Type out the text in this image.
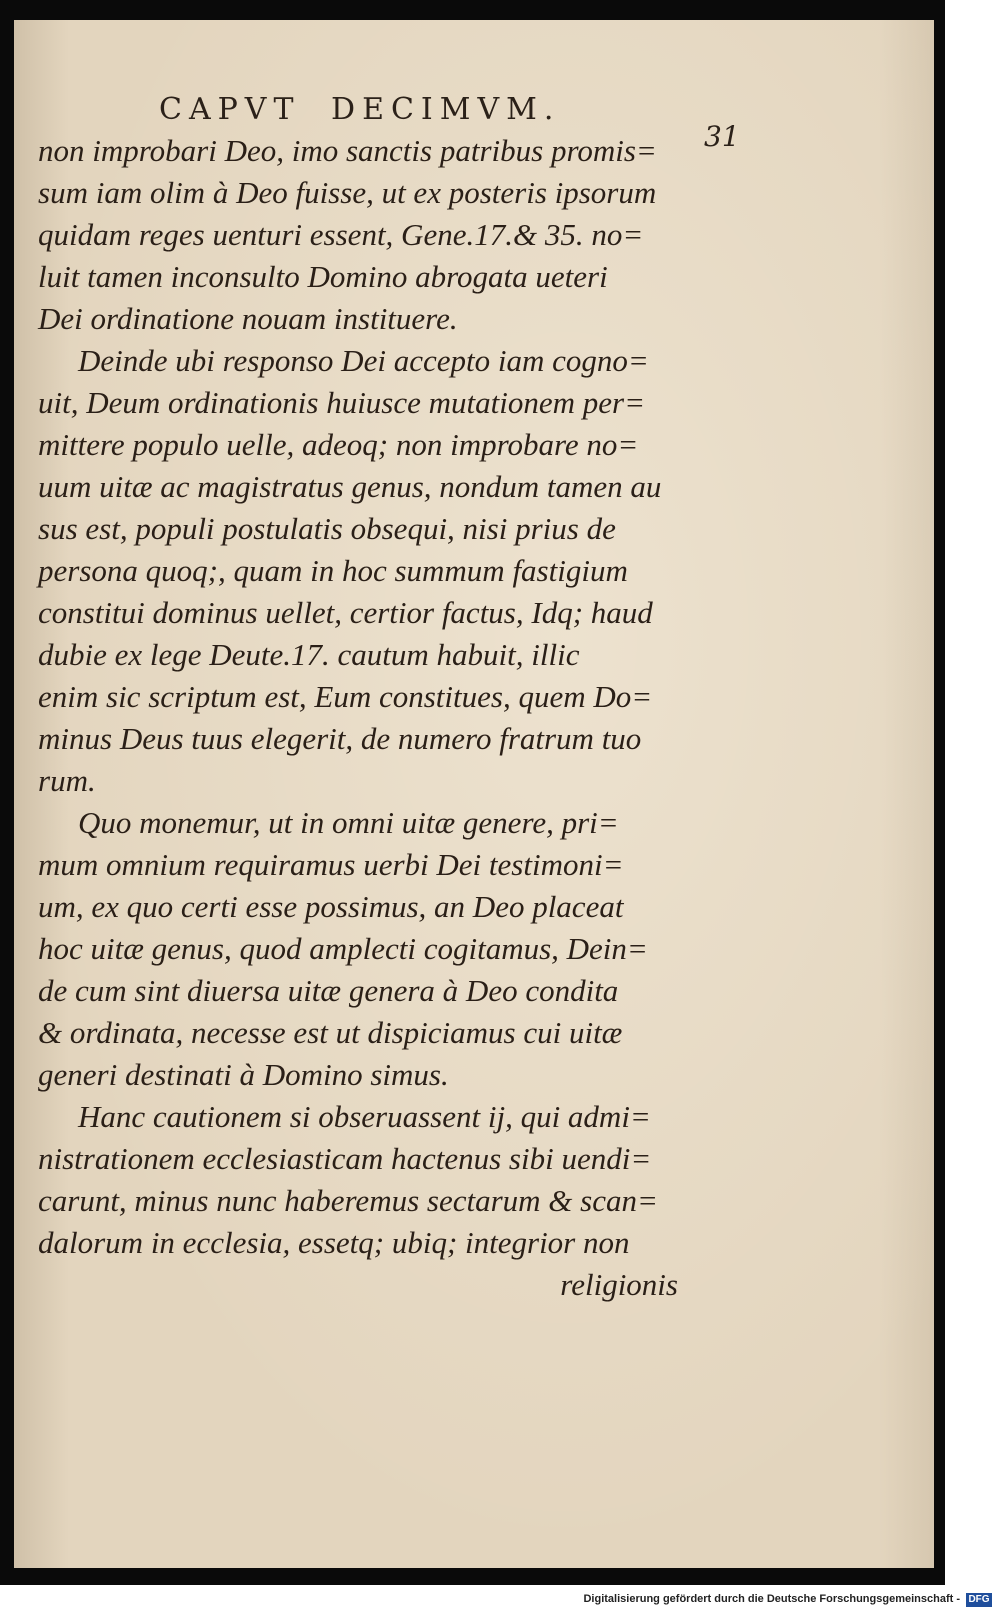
CAPVT DECIMVM.
31
non improbari Deo, imo sanctis patribus promis=
sum iam olim à Deo fuisse, ut ex posteris ipsorum
quidam reges uenturi essent, Gene.17.& 35. no=
luit tamen inconsulto Domino abrogata ueteri
Dei ordinatione nouam instituere.
Deinde ubi responso Dei accepto iam cogno=
uit, Deum ordinationis huiusce mutationem per=
mittere populo uelle, adeoq; non improbare no=
uum uitæ ac magistratus genus, nondum tamen au
sus est, populi postulatis obsequi, nisi prius de
persona quoq;, quam in hoc summum fastigium
constitui dominus uellet, certior factus, Idq; haud
dubie ex lege Deute.17. cautum habuit, illic
enim sic scriptum est, Eum constitues, quem Do=
minus Deus tuus elegerit, de numero fratrum tuo
rum.
Quo monemur, ut in omni uitæ genere, pri=
mum omnium requiramus uerbi Dei testimoni=
um, ex quo certi esse possimus, an Deo placeat
hoc uitæ genus, quod amplecti cogitamus, Dein=
de cum sint diuersa uitæ genera à Deo condita
& ordinata, necesse est ut dispiciamus cui uitæ
generi destinati à Domino simus.
Hanc cautionem si obseruassent ij, qui admi=
nistrationem ecclesiasticam hactenus sibi uendi=
carunt, minus nunc haberemus sectarum & scan=
dalorum in ecclesia, essetq; ubiq; integrior non
religionis
Digitalisierung gefördert durch die Deutsche Forschungsgemeinschaft - DFG
